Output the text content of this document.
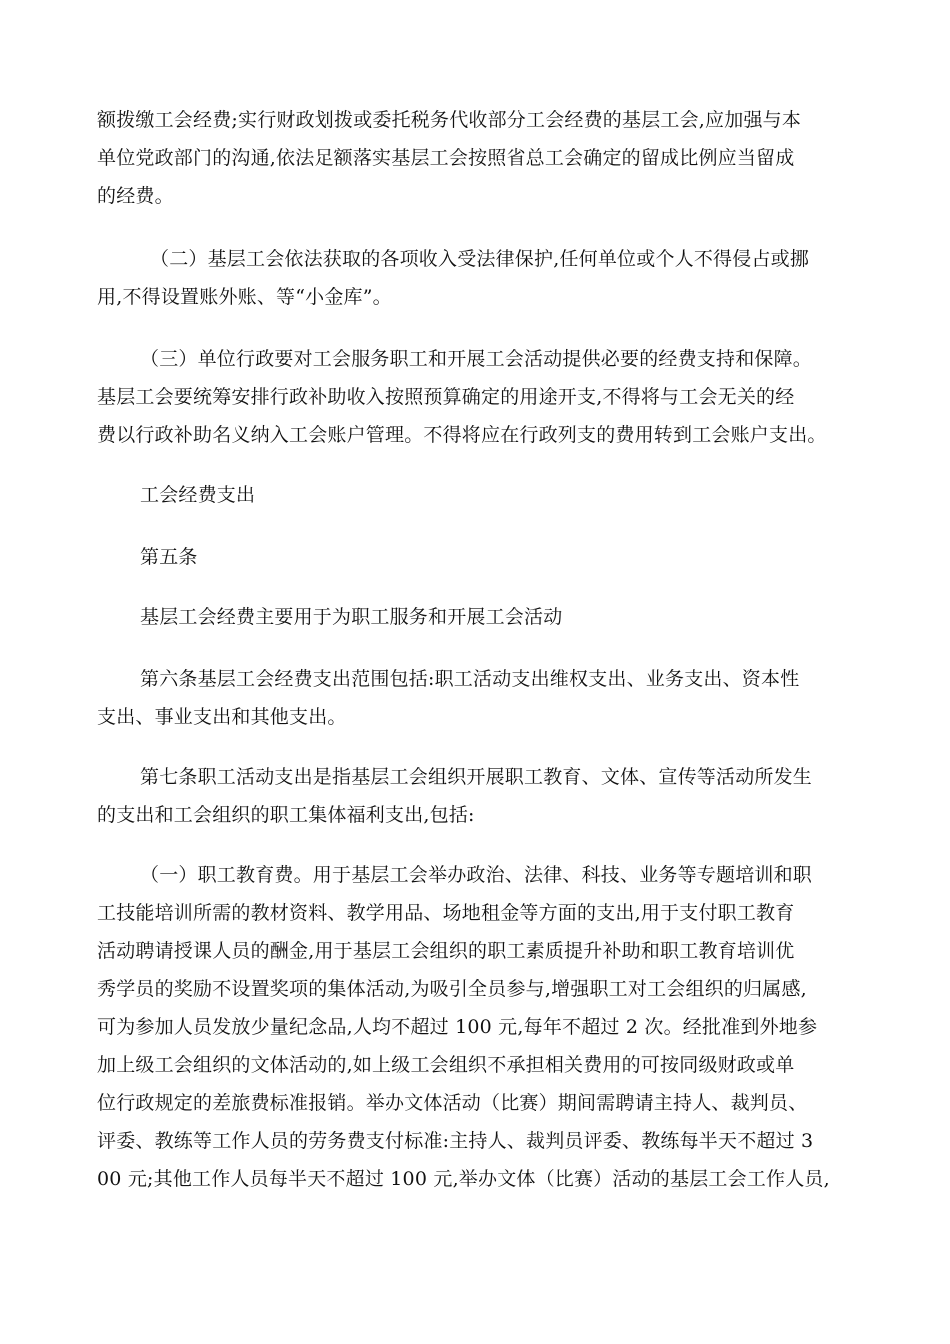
额拨缴工会经费;实行财政划拨或委托税务代收部分工会经费的基层工会,应加强与本
单位党政部门的沟通,依法足额落实基层工会按照省总工会确定的留成比例应当留成
的经费。
（二）基层工会依法获取的各项收入受法律保护,任何单位或个人不得侵占或挪
用,不得设置账外账、等“小金库”。
（三）单位行政要对工会服务职工和开展工会活动提供必要的经费支持和保障。
基层工会要统筹安排行政补助收入按照预算确定的用途开支,不得将与工会无关的经
费以行政补助名义纳入工会账户管理。不得将应在行政列支的费用转到工会账户支出。
工会经费支出
第五条
基层工会经费主要用于为职工服务和开展工会活动
第六条基层工会经费支出范围包括:职工活动支出维权支出、业务支出、资本性
支出、事业支出和其他支出。
第七条职工活动支出是指基层工会组织开展职工教育、文体、宣传等活动所发生
的支出和工会组织的职工集体福利支出,包括:
（一）职工教育费。用于基层工会举办政治、法律、科技、业务等专题培训和职
工技能培训所需的教材资料、教学用品、场地租金等方面的支出,用于支付职工教育
活动聘请授课人员的酬金,用于基层工会组织的职工素质提升补助和职工教育培训优
秀学员的奖励不设置奖项的集体活动,为吸引全员参与,增强职工对工会组织的归属感,
可为参加人员发放少量纪念品,人均不超过 100 元,每年不超过 2 次。经批准到外地参
加上级工会组织的文体活动的,如上级工会组织不承担相关费用的可按同级财政或单
位行政规定的差旅费标准报销。举办文体活动（比赛）期间需聘请主持人、裁判员、
评委、教练等工作人员的劳务费支付标准:主持人、裁判员评委、教练每半天不超过 3
00 元;其他工作人员每半天不超过 100 元,举办文体（比赛）活动的基层工会工作人员,
